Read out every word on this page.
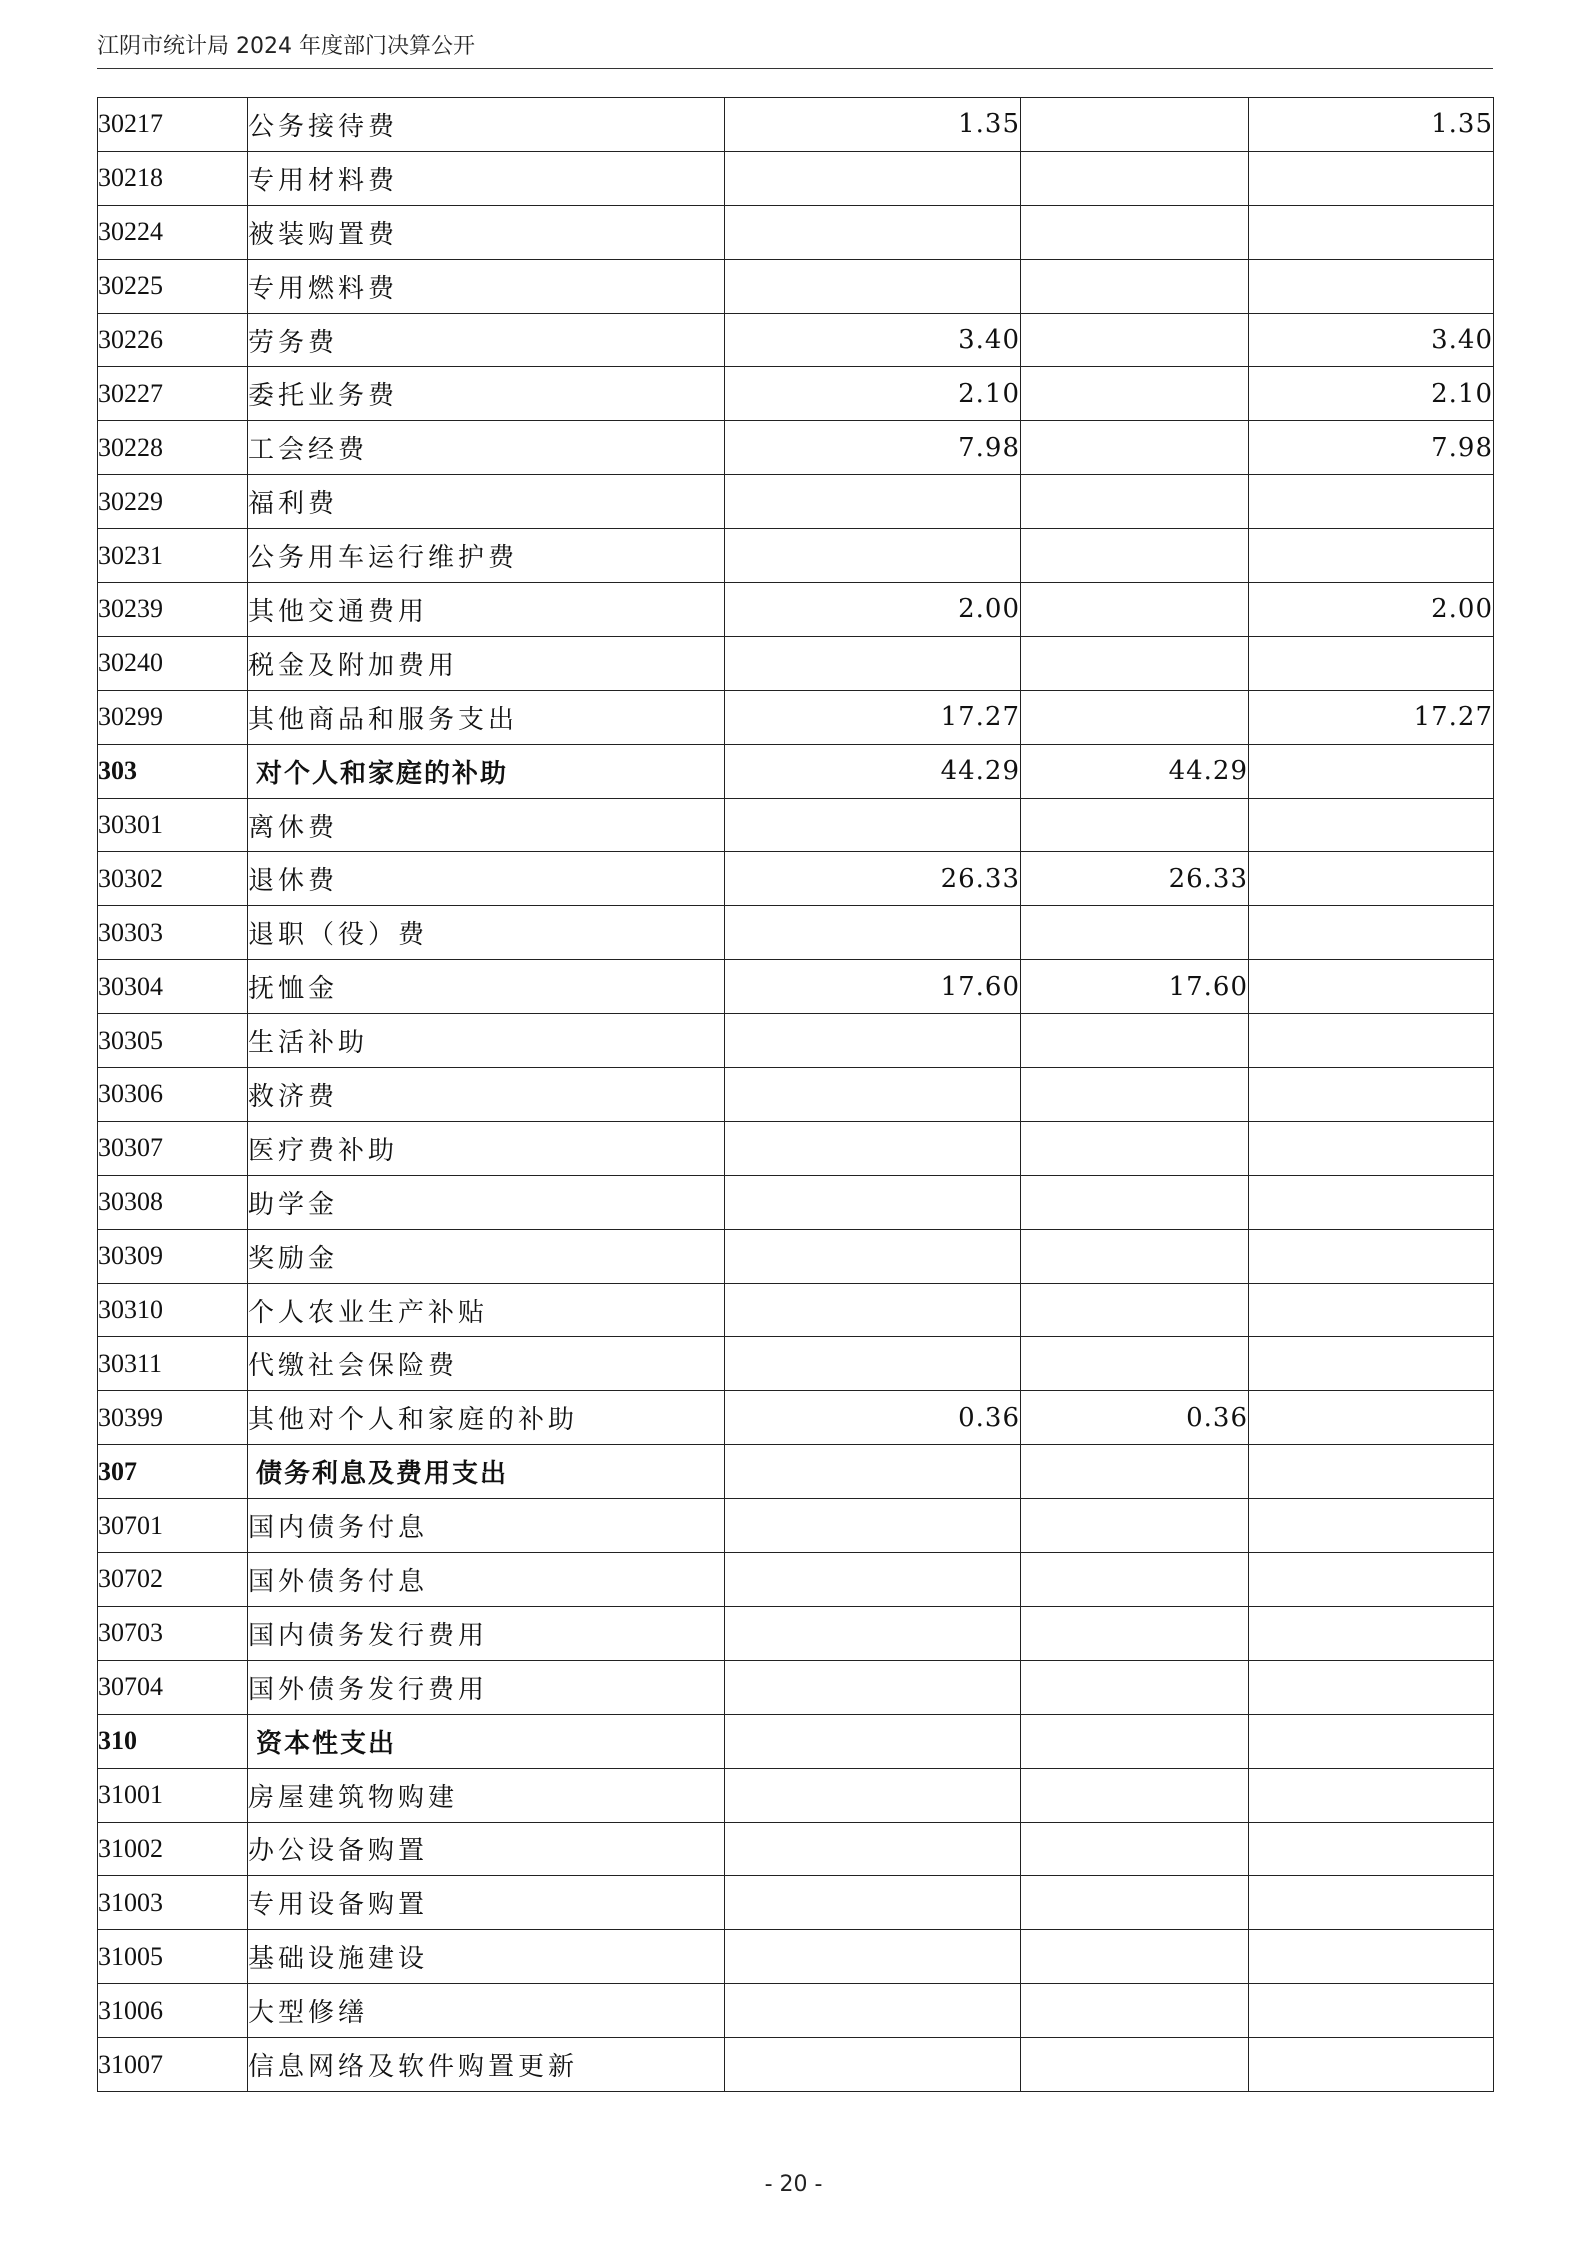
江阴市统计局 2024 年度部门决算公开
30217	公务接待费	1.35		1.35
30218	专用材料费			
30224	被装购置费			
30225	专用燃料费			
30226	劳务费	3.40		3.40
30227	委托业务费	2.10		2.10
30228	工会经费	7.98		7.98
30229	福利费			
30231	公务用车运行维护费			
30239	其他交通费用	2.00		2.00
30240	税金及附加费用			
30299	其他商品和服务支出	17.27		17.27
303	对个人和家庭的补助	44.29	44.29	
30301	离休费			
30302	退休费	26.33	26.33	
30303	退职（役）费			
30304	抚恤金	17.60	17.60	
30305	生活补助			
30306	救济费			
30307	医疗费补助			
30308	助学金			
30309	奖励金			
30310	个人农业生产补贴			
30311	代缴社会保险费			
30399	其他对个人和家庭的补助	0.36	0.36	
307	债务利息及费用支出			
30701	国内债务付息			
30702	国外债务付息			
30703	国内债务发行费用			
30704	国外债务发行费用			
310	资本性支出			
31001	房屋建筑物购建			
31002	办公设备购置			
31003	专用设备购置			
31005	基础设施建设			
31006	大型修缮			
31007	信息网络及软件购置更新			
- 20 -
